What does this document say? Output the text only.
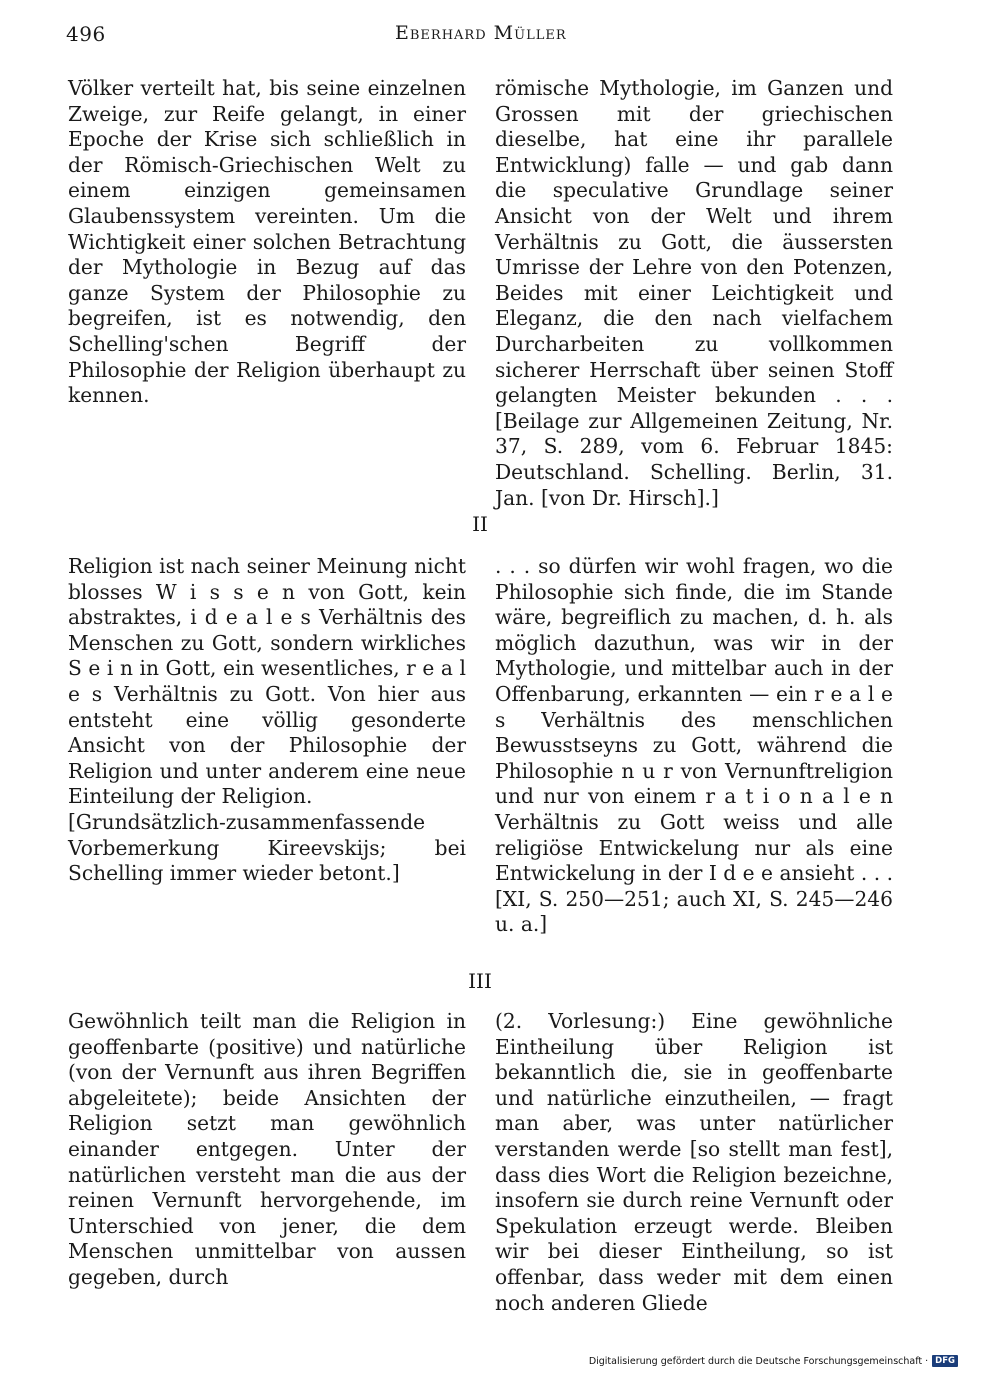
496	Eberhard Müller

Völker verteilt hat, bis seine einzelnen Zweige, zur Reife gelangt, in einer Epoche der Krise sich schließlich in der Römisch-Griechischen Welt zu einem einzigen gemeinsamen Glaubenssystem vereinten. Um die Wichtigkeit einer solchen Betrachtung der Mythologie in Bezug auf das ganze System der Philosophie zu begreifen, ist es notwendig, den Schelling'schen Begriff der Philosophie der Religion überhaupt zu kennen.

römische Mythologie, im Ganzen und Grossen mit der griechischen dieselbe, hat eine ihr parallele Entwicklung) falle — und gab dann die speculative Grundlage seiner Ansicht von der Welt und ihrem Verhältnis zu Gott, die äussersten Umrisse der Lehre von den Potenzen, Beides mit einer Leichtigkeit und Eleganz, die den nach vielfachem Durcharbeiten zu vollkommen sicherer Herrschaft über seinen Stoff gelangten Meister bekunden . . . [Beilage zur Allgemeinen Zeitung, Nr. 37, S. 289, vom 6. Februar 1845: Deutschland. Schelling. Berlin, 31. Jan. [von Dr. Hirsch].]

II

Religion ist nach seiner Meinung nicht blosses W i s s e n von Gott, kein abstraktes, i d e a l e s Verhältnis des Menschen zu Gott, sondern wirkliches S e i n in Gott, ein wesentliches, r e a l e s Verhältnis zu Gott. Von hier aus entsteht eine völlig gesonderte Ansicht von der Philosophie der Religion und unter anderem eine neue Einteilung der Religion.

[Grundsätzlich-zusammenfassende Vorbemerkung Kireevskijs; bei Schelling immer wieder betont.]

. . . so dürfen wir wohl fragen, wo die Philosophie sich finde, die im Stande wäre, begreiflich zu machen, d. h. als möglich dazuthun, was wir in der Mythologie, und mittelbar auch in der Offenbarung, erkannten — ein r e a l e s Verhältnis des menschlichen Bewusstseyns zu Gott, während die Philosophie n u r von Vernunftreligion und nur von einem r a t i o n a l e n Verhältnis zu Gott weiss und alle religiöse Entwickelung nur als eine Entwickelung in der I d e e ansieht . . . [XI, S. 250—251; auch XI, S. 245—246 u. a.]

III

Gewöhnlich teilt man die Religion in geoffenbarte (positive) und natürliche (von der Vernunft aus ihren Begriffen abgeleitete); beide Ansichten der Religion setzt man gewöhnlich einander entgegen. Unter der natürlichen versteht man die aus der reinen Vernunft hervorgehende, im Unterschied von jener, die dem Menschen unmittelbar von aussen gegeben, durch

(2. Vorlesung:) Eine gewöhnliche Eintheilung über Religion ist bekanntlich die, sie in geoffenbarte und natürliche einzutheilen, — fragt man aber, was unter natürlicher verstanden werde [so stellt man fest], dass dies Wort die Religion bezeichne, insofern sie durch reine Vernunft oder Spekulation erzeugt werde. Bleiben wir bei dieser Eintheilung, so ist offenbar, dass weder mit dem einen noch anderen Gliede

Digitalisierung gefördert durch die Deutsche Forschungsgemeinschaft · DFG
